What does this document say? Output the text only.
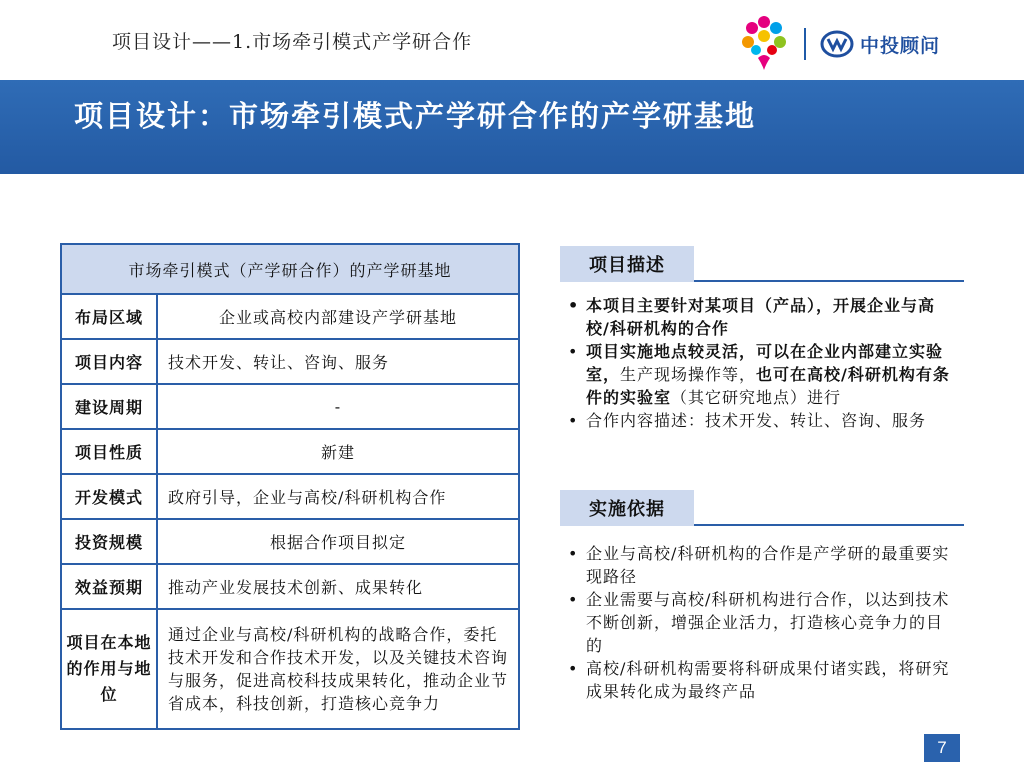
项目设计——1.市场牵引模式产学研合作	中投顾问
项目设计：市场牵引模式产学研合作的产学研基地
市场牵引模式（产学研合作）的产学研基地	
布局区域	企业或高校内部建设产学研基地
项目内容	技术开发、转让、咨询、服务
建设周期	-
项目性质	新建
开发模式	政府引导，企业与高校/科研机构合作
投资规模	根据合作项目拟定
效益预期	推动产业发展技术创新、成果转化
项目在本地的作用与地位	通过企业与高校/科研机构的战略合作，委托技术开发和合作技术开发，以及关键技术咨询与服务，促进高校科技成果转化，推动企业节省成本，科技创新，打造核心竞争力
项目描述
• 本项目主要针对某项目（产品），开展企业与高校/科研机构的合作
• 项目实施地点较灵活，可以在企业内部建立实验室，生产现场操作等，也可在高校/科研机构有条件的实验室（其它研究地点）进行
• 合作内容描述：技术开发、转让、咨询、服务
实施依据
• 企业与高校/科研机构的合作是产学研的最重要实现路径
• 企业需要与高校/科研机构进行合作，以达到技术不断创新，增强企业活力，打造核心竞争力的目的
• 高校/科研机构需要将科研成果付诸实践，将研究成果转化成为最终产品
7
